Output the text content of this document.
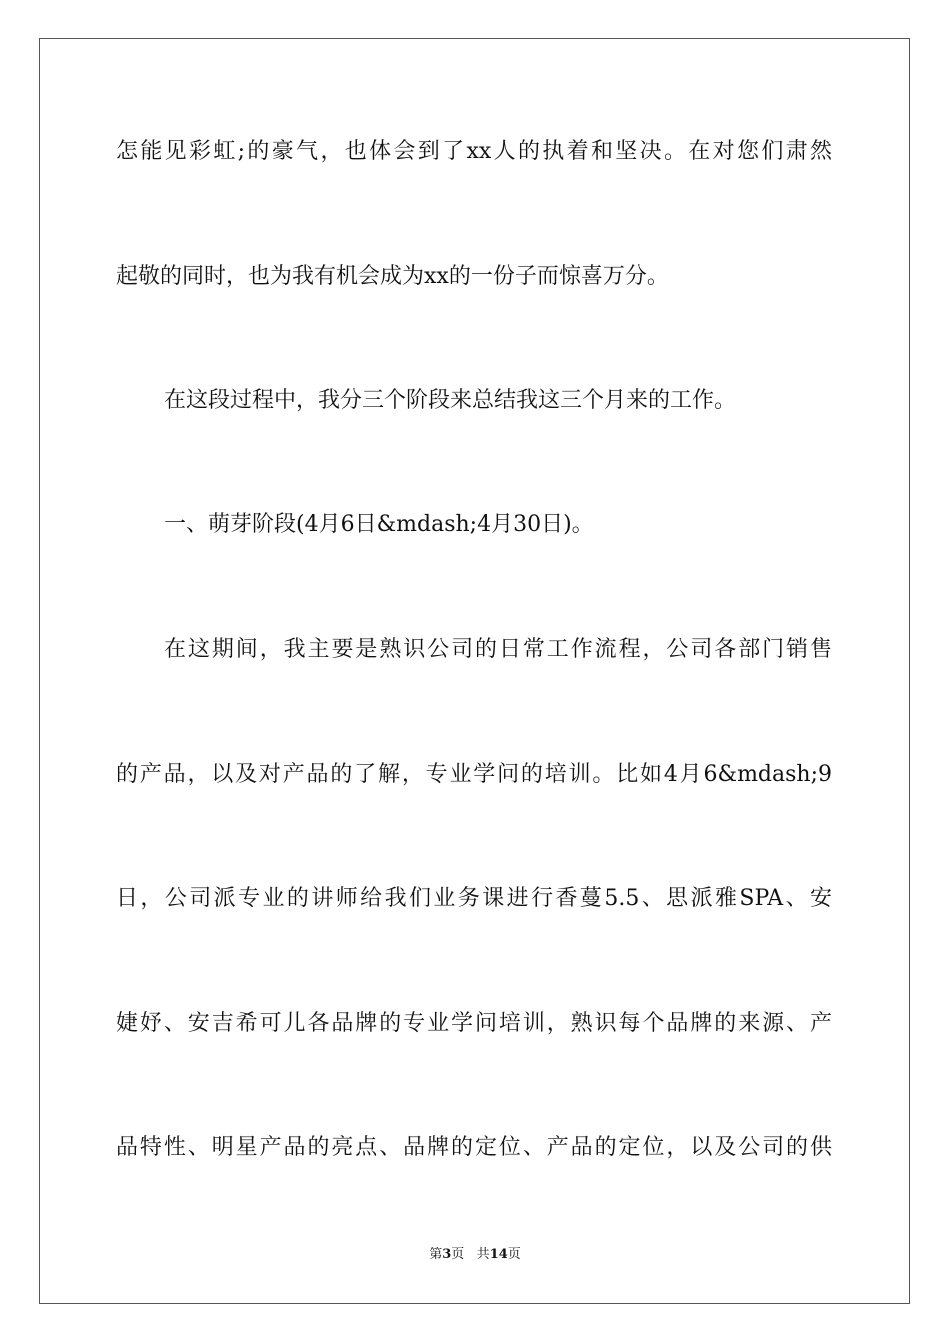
怎能见彩虹;的豪气，也体会到了xx人的执着和坚决。在对您们肃然
起敬的同时，也为我有机会成为xx的一份子而惊喜万分。
在这段过程中，我分三个阶段来总结我这三个月来的工作。
一、萌芽阶段(4月6日&mdash;4月30日)。
在这期间，我主要是熟识公司的日常工作流程，公司各部门销售
的产品，以及对产品的了解，专业学问的培训。比如4月6&mdash;9
日，公司派专业的讲师给我们业务课进行香蔓5.5、思派雅SPA、安
婕妤、安吉希可儿各品牌的专业学问培训，熟识每个品牌的来源、产
品特性、明星产品的亮点、品牌的定位、产品的定位，以及公司的供
第3页 共14页
